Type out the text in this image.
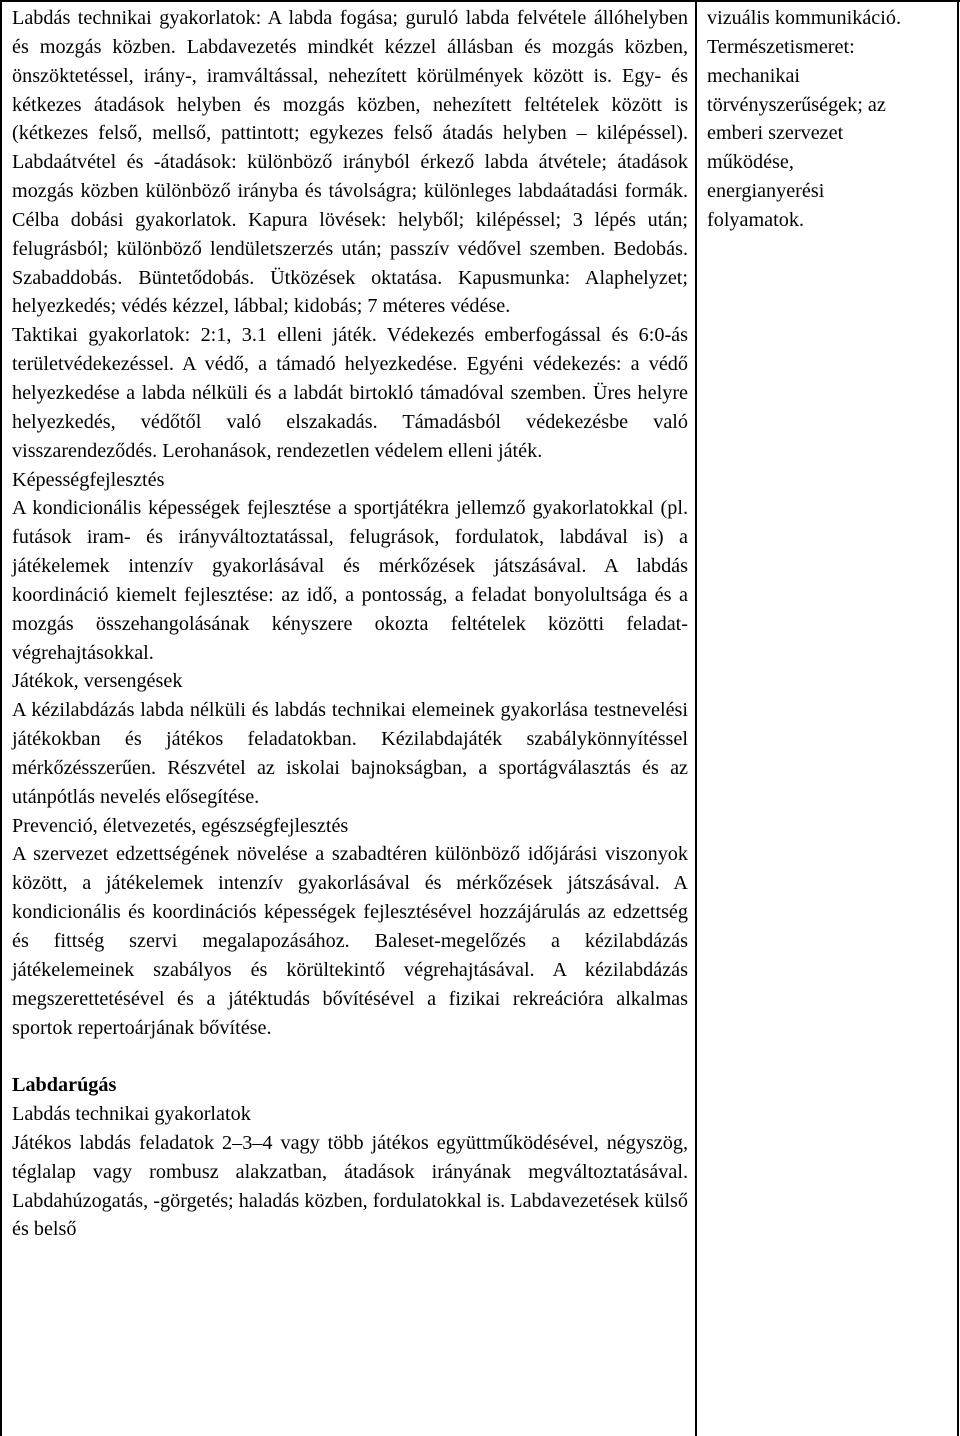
Labdás technikai gyakorlatok: A labda fogása; guruló labda felvétele állóhelyben és mozgás közben. Labdavezetés mindkét kézzel állásban és mozgás közben, önszöktetéssel, irány-, iramváltással, nehezített körülmények között is. Egy- és kétkezes átadások helyben és mozgás közben, nehezített feltételek között is (kétkezes felső, mellső, pattintott; egykezes felső átadás helyben – kilépéssel). Labdaátvétel és -átadások: különböző irányból érkező labda átvétele; átadások mozgás közben különböző irányba és távolságra; különleges labdaátadási formák. Célba dobási gyakorlatok. Kapura lövések: helyből; kilépéssel; 3 lépés után; felugrásból; különböző lendületszerzés után; passzív védővel szemben. Bedobás. Szabaddobás. Büntetődobás. Ütközések oktatása. Kapusmunka: Alaphelyzet; helyezkedés; védés kézzel, lábbal; kidobás; 7 méteres védése.

Taktikai gyakorlatok: 2:1, 3.1 elleni játék. Védekezés emberfogással és 6:0-ás területvédekezéssel. A védő, a támadó helyezkedése. Egyéni védekezés: a védő helyezkedése a labda nélküli és a labdát birtokló támadóval szemben. Üres helyre helyezkedés, védőtől való elszakadás. Támadásból védekezésbe való visszarendeződés. Lerohanások, rendezetlen védelem elleni játék.

Képességfejlesztés

A kondicionális képességek fejlesztése a sportjátékra jellemző gyakorlatokkal (pl. futások iram- és irányváltoztatással, felugrások, fordulatok, labdával is) a játékelemek intenzív gyakorlásával és mérkőzések játszásával. A labdás koordináció kiemelt fejlesztése: az idő, a pontosság, a feladat bonyolultsága és a mozgás összehangolásának kényszere okozta feltételek közötti feladat-végrehajtásokkal.

Játékok, versengések

A kézilabdázás labda nélküli és labdás technikai elemeinek gyakorlása testnevelési játékokban és játékos feladatokban. Kézilabdajáték szabálykönnyítéssel mérkőzésszerűen. Részvétel az iskolai bajnokságban, a sportágválasztás és az utánpótlás nevelés elősegítése.

Prevenció, életvezetés, egészségfejlesztés

A szervezet edzettségének növelése a szabadtéren különböző időjárási viszonyok között, a játékelemek intenzív gyakorlásával és mérkőzések játszásával. A kondicionális és koordinációs képességek fejlesztésével hozzájárulás az edzettség és fittség szervi megalapozásához. Baleset-megelőzés a kézilabdázás játékelemeinek szabályos és körültekintő végrehajtásával. A kézilabdázás megszerettetésével és a játéktudás bővítésével a fizikai rekreációra alkalmas sportok repertoárjának bővítése.

Labdarúgás

Labdás technikai gyakorlatok

Játékos labdás feladatok 2–3–4 vagy több játékos együttműködésével, négyszög, téglalap vagy rombusz alakzatban, átadások irányának megváltoztatásával. Labdahúzogatás, -görgetés; haladás közben, fordulatokkal is. Labdavezetések külső és belső

vizuális kommunikáció.
Természetismeret:
mechanikai
törvényszerűségek; az
emberi szervezet
működése,
energianyerési
folyamatok.
